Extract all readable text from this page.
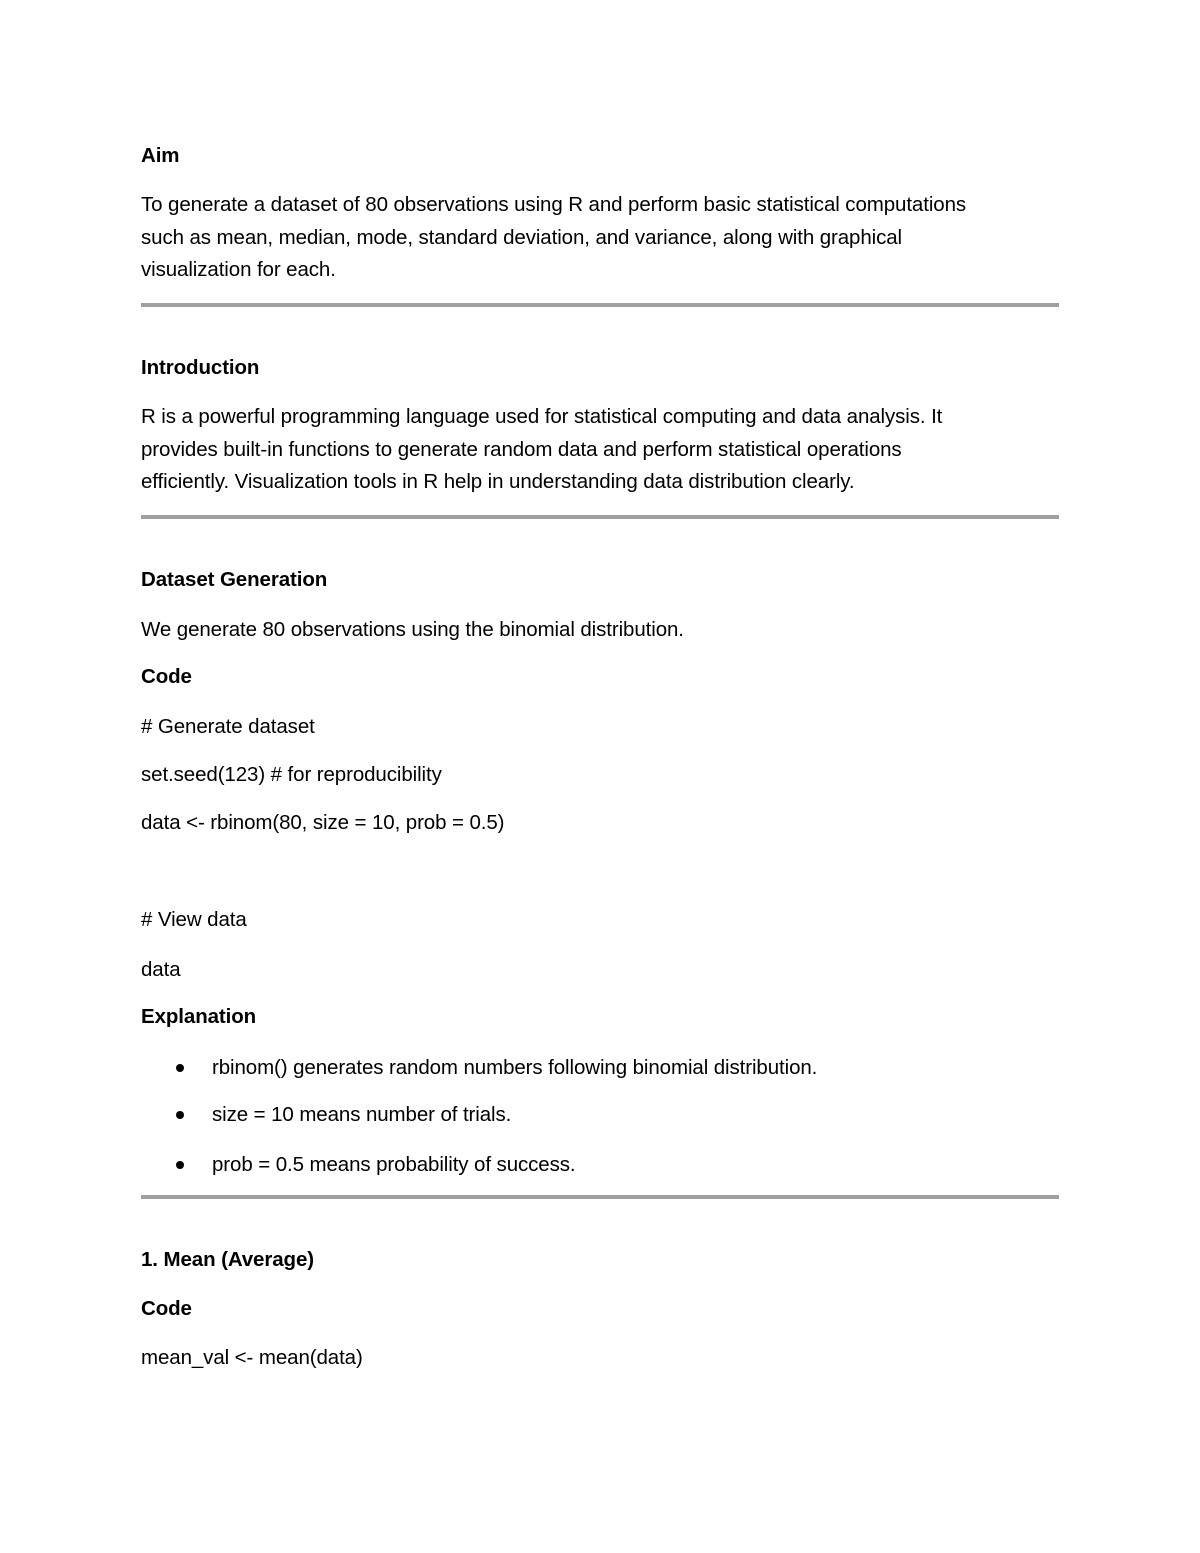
Aim
To generate a dataset of 80 observations using R and perform basic statistical computations
such as mean, median, mode, standard deviation, and variance, along with graphical
visualization for each.
Introduction
R is a powerful programming language used for statistical computing and data analysis. It
provides built-in functions to generate random data and perform statistical operations
efficiently. Visualization tools in R help in understanding data distribution clearly.
Dataset Generation
We generate 80 observations using the binomial distribution.
Code
# Generate dataset
set.seed(123) # for reproducibility
data <- rbinom(80, size = 10, prob = 0.5)
# View data
data
Explanation
rbinom() generates random numbers following binomial distribution.
size = 10 means number of trials.
prob = 0.5 means probability of success.
1. Mean (Average)
Code
mean_val <- mean(data)
